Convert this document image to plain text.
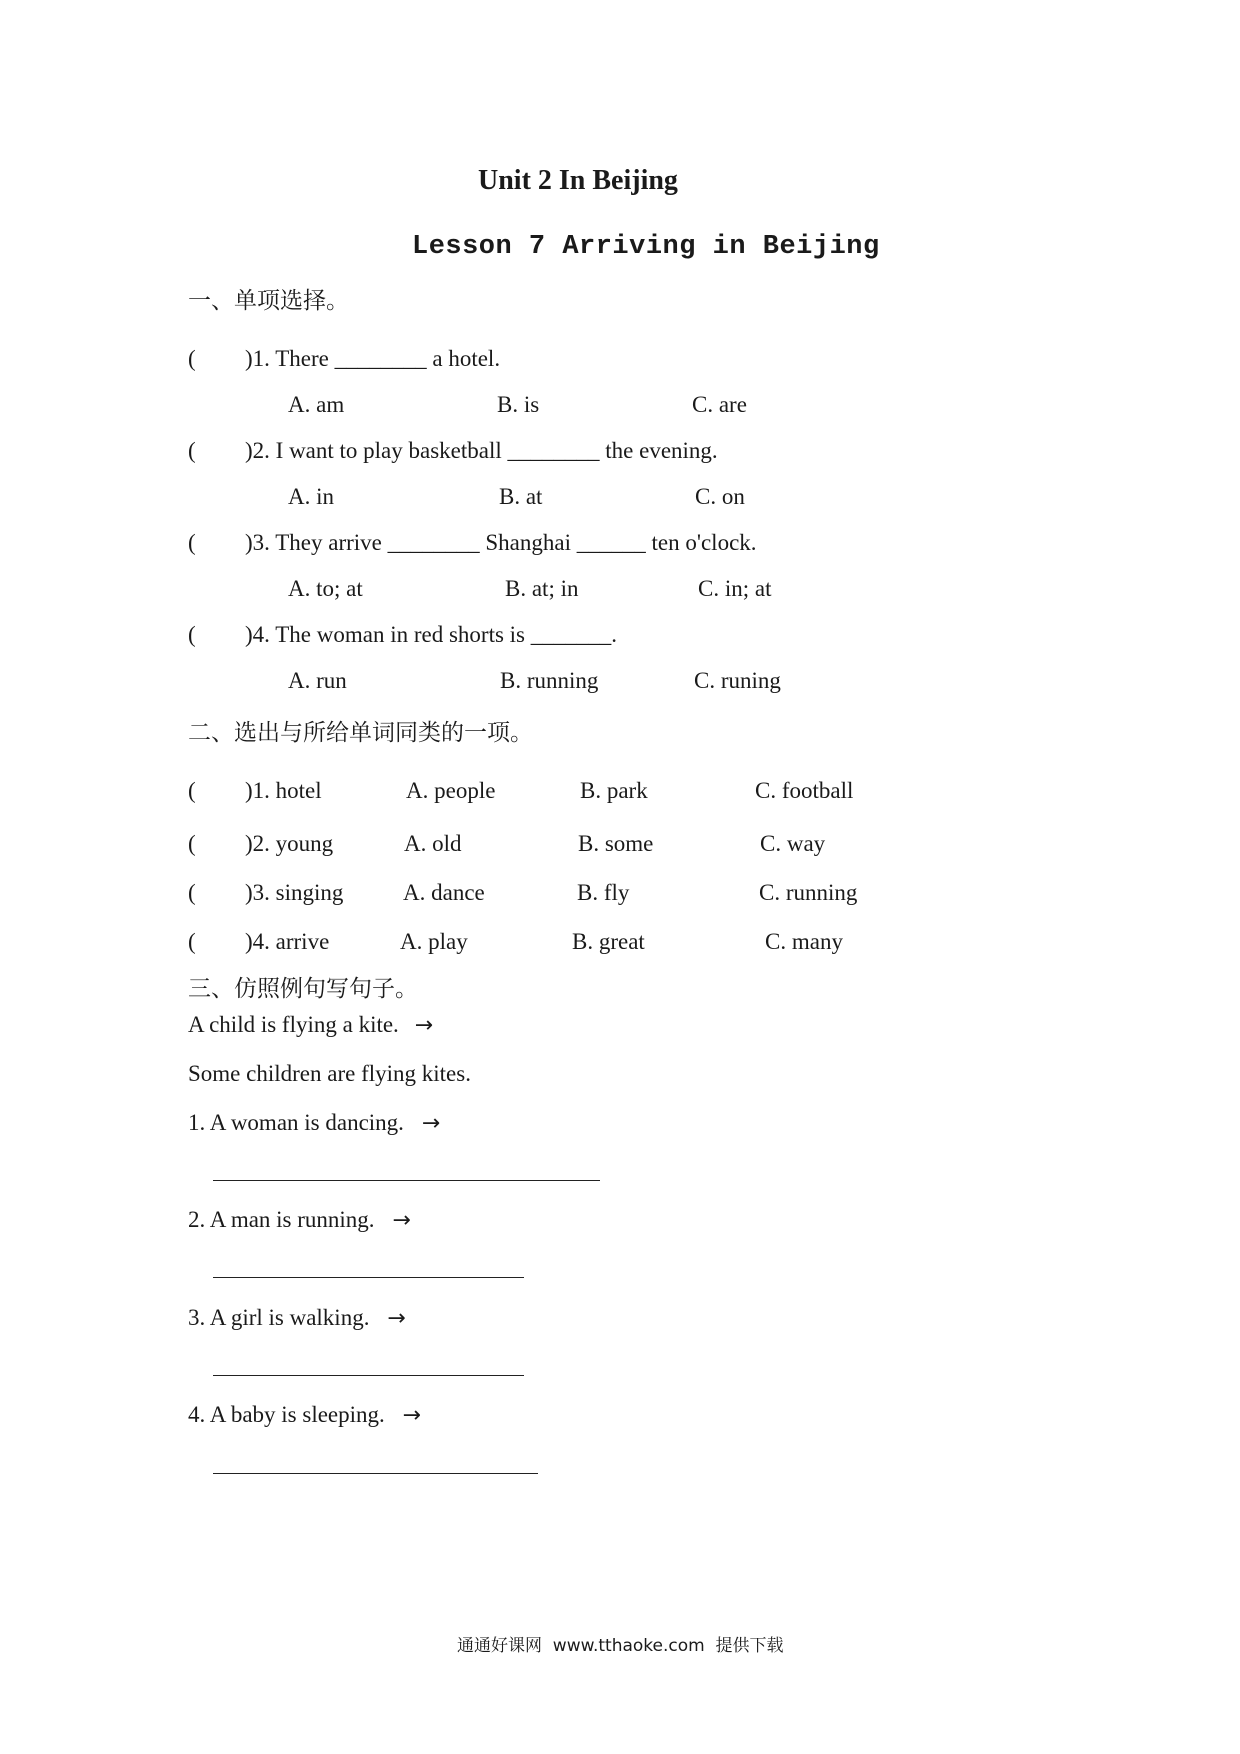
Unit 2 In Beijing
Lesson 7 Arriving in Beijing
一、单项选择。
( )1. There ________ a hotel.
A. am	B. is	C. are
( )2. I want to play basketball ________ the evening.
A. in	B. at	C. on
( )3. They arrive ________ Shanghai ______ ten o'clock.
A. to; at	B. at; in	C. in; at
( )4. The woman in red shorts is _______.
A. run	B. running	C. runing
二、选出与所给单词同类的一项。
( )1. hotel	A. people	B. park	C. football
( )2. young	A. old	B. some	C. way
( )3. singing	A. dance	B. fly	C. running
( )4. arrive	A. play	B. great	C. many
三、仿照例句写句子。
A child is flying a kite. →
Some children are flying kites.
1. A woman is dancing. →
2. A man is running. →
3. A girl is walking. →
4. A baby is sleeping. →
通通好课网  www.tthaoke.com  提供下载
